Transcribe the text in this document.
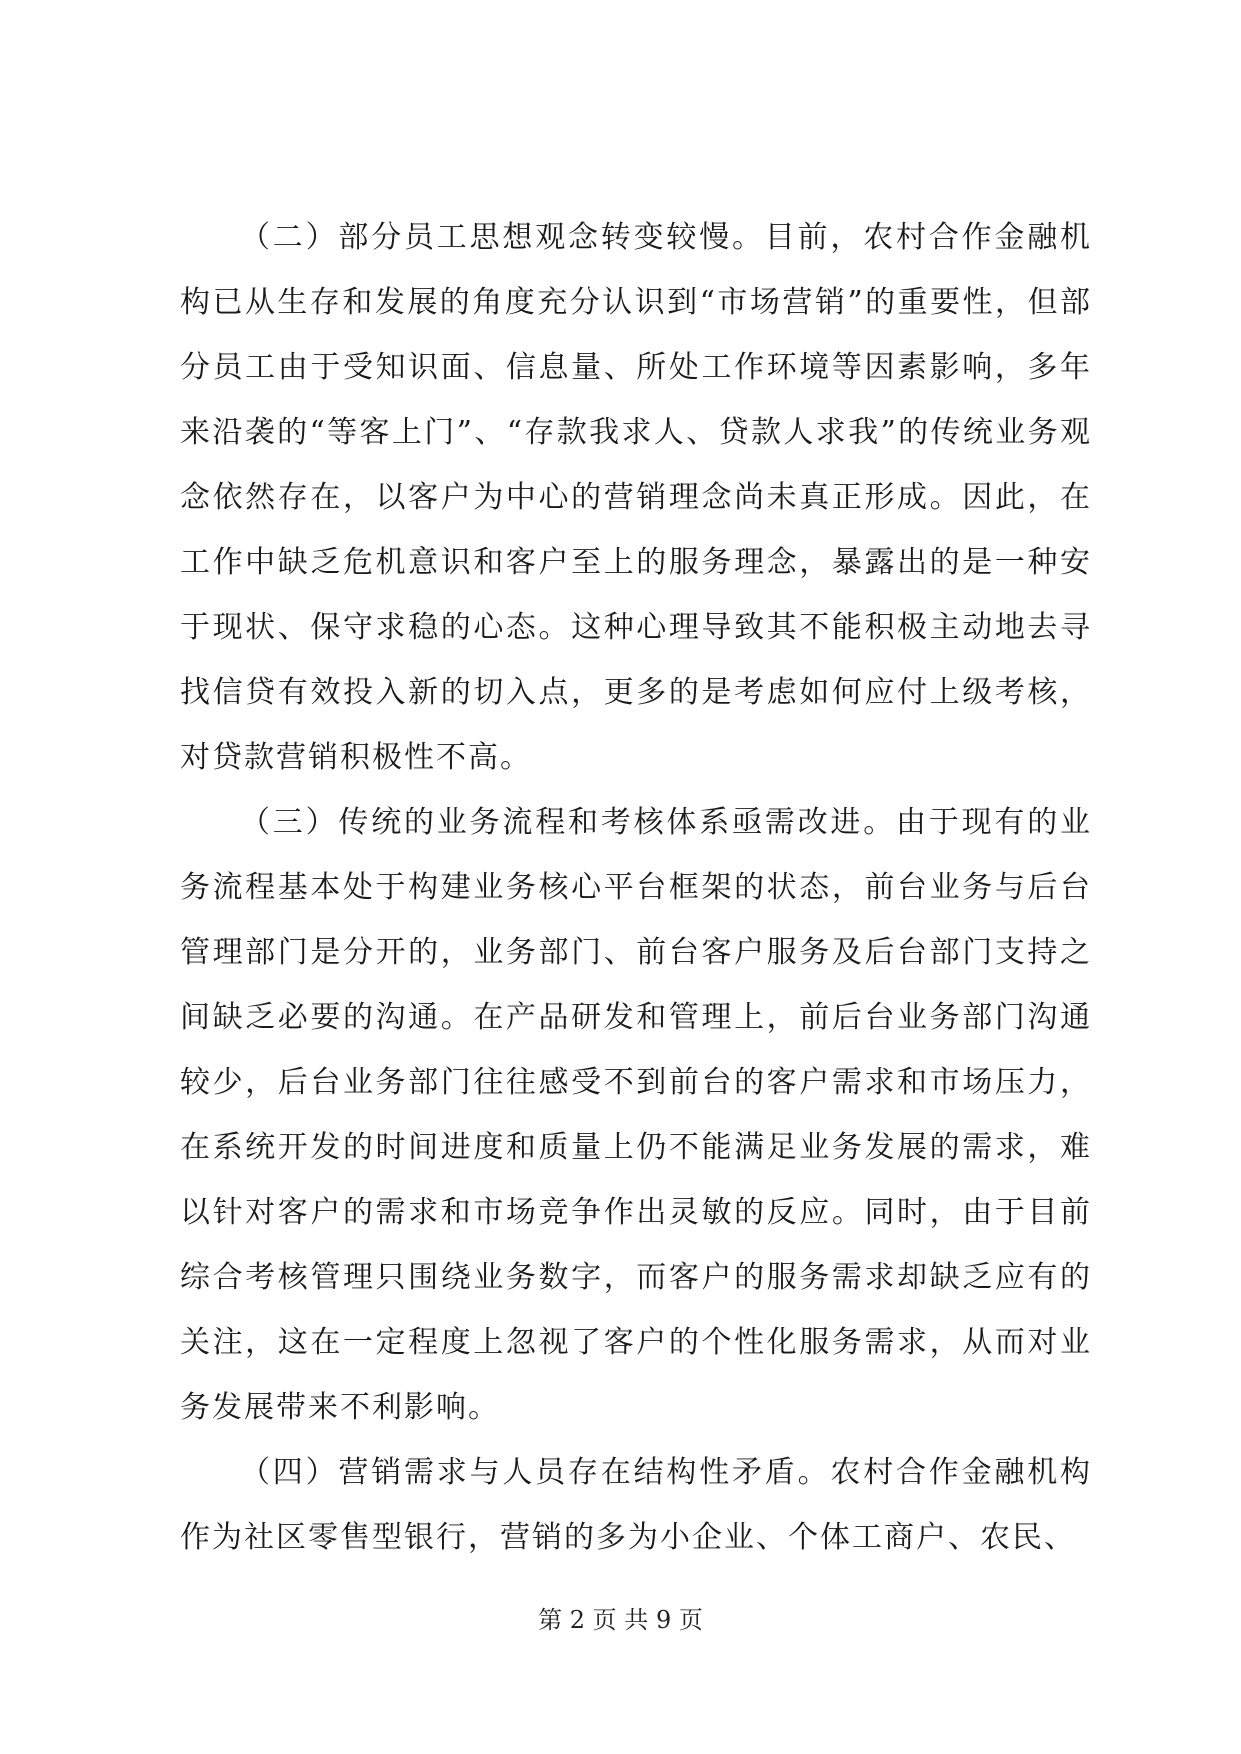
（二）部分员工思想观念转变较慢。目前，农村合作金融机构已从生存和发展的角度充分认识到“市场营销”的重要性，但部分员工由于受知识面、信息量、所处工作环境等因素影响，多年来沿袭的“等客上门”、“存款我求人、贷款人求我”的传统业务观念依然存在，以客户为中心的营销理念尚未真正形成。因此，在工作中缺乏危机意识和客户至上的服务理念，暴露出的是一种安于现状、保守求稳的心态。这种心理导致其不能积极主动地去寻找信贷有效投入新的切入点，更多的是考虑如何应付上级考核，对贷款营销积极性不高。

（三）传统的业务流程和考核体系亟需改进。由于现有的业务流程基本处于构建业务核心平台框架的状态，前台业务与后台管理部门是分开的，业务部门、前台客户服务及后台部门支持之间缺乏必要的沟通。在产品研发和管理上，前后台业务部门沟通较少，后台业务部门往往感受不到前台的客户需求和市场压力，在系统开发的时间进度和质量上仍不能满足业务发展的需求，难以针对客户的需求和市场竞争作出灵敏的反应。同时，由于目前综合考核管理只围绕业务数字，而客户的服务需求却缺乏应有的关注，这在一定程度上忽视了客户的个性化服务需求，从而对业务发展带来不利影响。

（四）营销需求与人员存在结构性矛盾。农村合作金融机构作为社区零售型银行，营销的多为小企业、个体工商户、农民、

第 2 页 共 9 页
